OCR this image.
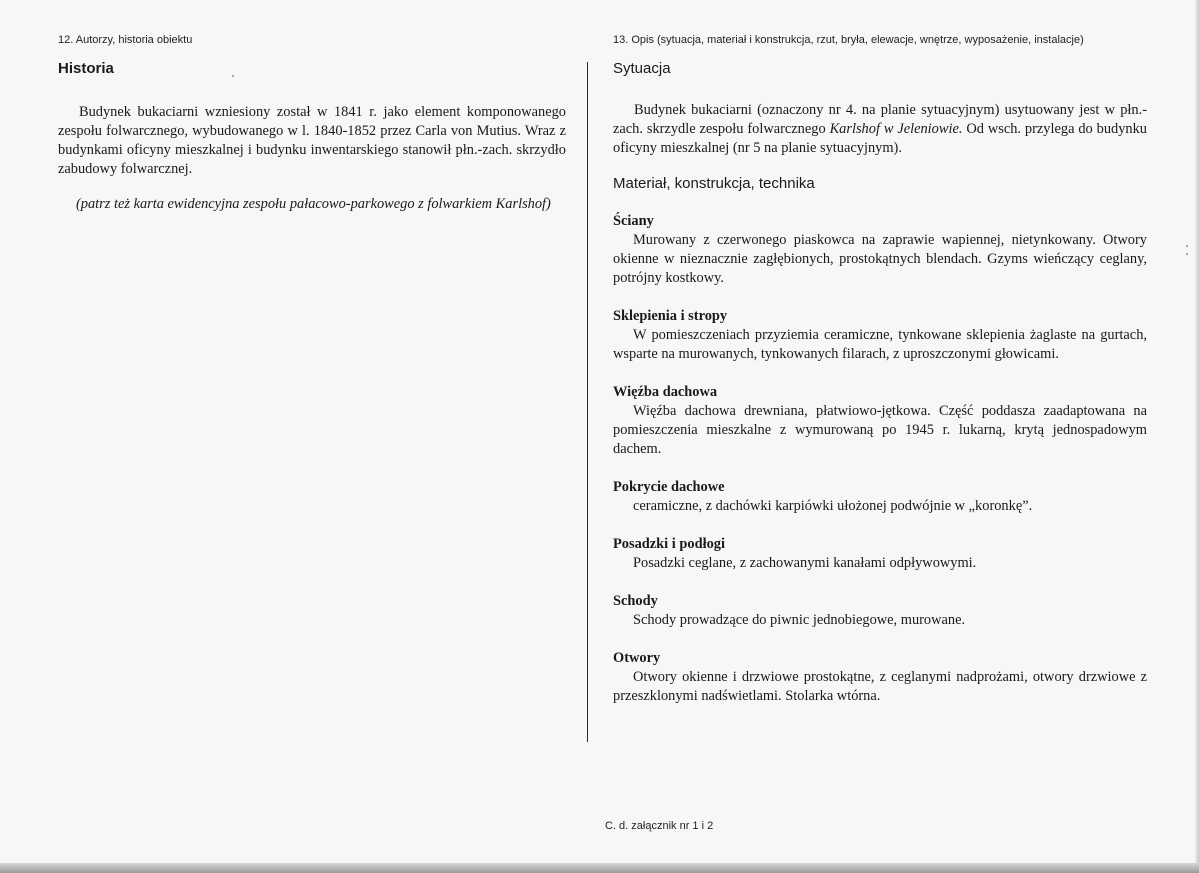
12. Autorzy, historia obiektu

Historia

Budynek bukaciarni wzniesiony został w 1841 r. jako element komponowanego zespołu folwarcznego, wybudowanego w l. 1840-1852 przez Carla von Mutius. Wraz z budynkami oficyny mieszkalnej i budynku inwentarskiego stanowił płn.-zach. skrzydło zabudowy folwarcznej.

(patrz też karta ewidencyjna zespołu pałacowo-parkowego z folwarkiem Karlshof)

13. Opis (sytuacja, materiał i konstrukcja, rzut, bryła, elewacje, wnętrze, wyposażenie, instalacje)

Sytuacja

Budynek bukaciarni (oznaczony nr 4. na planie sytuacyjnym) usytuowany jest w płn.-zach. skrzydle zespołu folwarcznego Karlshof w Jeleniowie. Od wsch. przylega do budynku oficyny mieszkalnej (nr 5 na planie sytuacyjnym).

Materiał, konstrukcja, technika

Ściany

Murowany z czerwonego piaskowca na zaprawie wapiennej, nietynkowany. Otwory okienne w nieznacznie zagłębionych, prostokątnych blendach. Gzyms wieńczący ceglany, potrójny kostkowy.

Sklepienia i stropy

W pomieszczeniach przyziemia ceramiczne, tynkowane sklepienia żaglaste na gurtach, wsparte na murowanych, tynkowanych filarach, z uproszczonymi głowicami.

Więźba dachowa

Więźba dachowa drewniana, płatwiowo-jętkowa. Część poddasza zaadaptowana na pomieszczenia mieszkalne z wymurowaną po 1945 r. lukarną, krytą jednospadowym dachem.

Pokrycie dachowe

ceramiczne, z dachówki karpiówki ułożonej podwójnie w „koronkę”.

Posadzki i podłogi

Posadzki ceglane, z zachowanymi kanałami odpływowymi.

Schody

Schody prowadzące do piwnic jednobiegowe, murowane.

Otwory

Otwory okienne i drzwiowe prostokątne, z ceglanymi nadprożami, otwory drzwiowe z przeszklonymi nadświetlami. Stolarka wtórna.

C. d. załącznik nr 1 i 2
